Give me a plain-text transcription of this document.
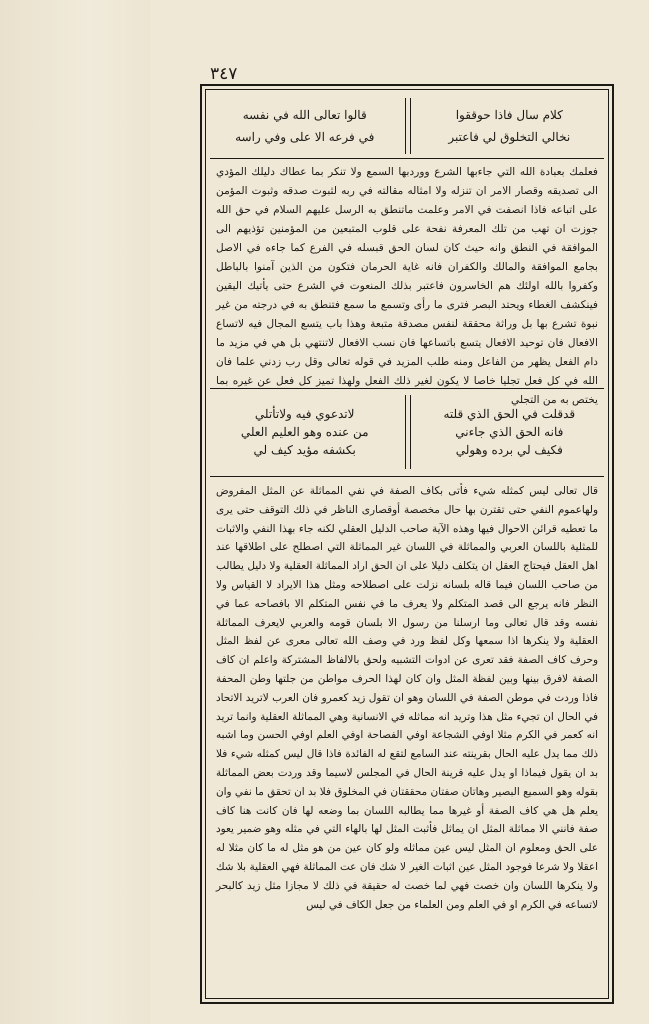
٣٤٧
قالوا تعالى الله في نفسه
في فرعه الا على وفي راسه
كلام سال فاذا حوققوا
نخالي التخلوق لي فاعتبر

فعلمك بعبادة الله التي جاءبها الشرع ووردبها السمع ولا تنكر بما عطاك دليلك المؤدي الى تصديقه وقصار الامر ان تنزله ولا امثاله مقالته في ربه لثبوت صدقه وثبوت المؤمن على اتباعه فاذا انصفت في الامر وعلمت ماتنطق به الرسل عليهم السلام في حق الله جوزت ان تهب من تلك المعرفة نفحة على قلوب المتبعين من المؤمنين تؤذيهم الى الموافقة في النطق وانه حيث كان لسان الحق قبسله في الفرع كما جاءه في الاصل بجامع الموافقة والمالك والكفران فانه غاية الحرمان فتكون من الذين آمنوا بالباطل وكفروا بالله اولئك هم الخاسرون فاعتبر بذلك المنعوت في الشرع حتى يأتيك اليقين فينكشف الغطاء ويحتد البصر فترى ما رأى وتسمع ما سمع فتنطق به في درجته من غير نبوة تشرع بها بل وراثة محققة لنفس مصدقة متبعة وهذا باب يتسع المجال فيه لاتساع الافعال فان توحيد الافعال يتسع باتساعها فان نسب الافعال لاتنتهي بل هي في مزيد ما دام الفعل يظهر من الفاعل ومنه طلب المزيد في قوله تعالى وقل رب زدني علما فان الله في كل فعل تجليا خاصا لا يكون لغير ذلك الفعل ولهذا تميز كل فعل عن غيره بما يختص به من التجلي

لاتدعوي فيه ولاتأتلي
من عنده وهو العليم العلي
بكشفه مؤيد كيف لي
قدقلت في الحق الذي قلته
فانه الحق الذي جاءني
فكيف لي برده وهولي

قال تعالى ليس كمثله شيء فأتى بكاف الصفة في نفي المماثلة عن المثل المفروض ولهاعموم النفي حتى تقترن بها حال مخصصة أوقصارى الناظر في ذلك التوقف حتى يرى ما تعطيه قرائن الاحوال فيها وهذه الآية صاحب الدليل العقلي لكنه جاء بهذا النفي والاثبات للمثلية باللسان العربي والمماثلة في اللسان غير المماثلة التي اصطلح على اطلاقها عند اهل العقل فيحتاج العقل ان يتكلف دليلا على ان الحق اراد المماثلة العقلية ولا دليل يطالب من صاحب اللسان فيما قاله بلسانه نزلت على اصطلاحه ومثل هذا الايراد لا القياس ولا النظر فانه يرجع الى قصد المتكلم ولا يعرف ما في نفس المتكلم الا بافصاحه عما في نفسه وقد قال تعالى وما ارسلنا من رسول الا بلسان قومه والعربي لايعرف المماثلة العقلية ولا ينكرها اذا سمعها وكل لفظ ورد في وصف الله تعالى معرى عن لفظ المثل وحرف كاف الصفة فقد تعرى عن ادوات التشبيه ولحق بالالفاظ المشتركة واعلم ان كاف الصفة لافرق بينها وبين لفظة المثل وان كان لهذا الحرف مواطن من جلتها وطن المحفة فاذا وردت في موطن الصفة في اللسان وهو ان تقول زيد كعمرو فان العرب لاتريد الاتحاد في الحال ان تجيء مثل هذا وتريد انه مماثله في الانسانية وهي المماثلة العقلية وانما تريد انه كعمر في الكرم مثلا اوفي الشجاعة اوفي الفصاحة اوفي العلم اوفي الحسن وما اشبه ذلك مما يدل عليه الحال بقرينته عند السامع لتقع له الفائدة فاذا قال ليس كمثله شيء فلا بد ان يقول فيماذا او يدل عليه قرينة الحال في المجلس لاسيما وقد وردت بعض المماثلة بقوله وهو السميع البصير وهاتان صفتان محققتان في المخلوق فلا بد ان تحقق ما نفي وان يعلم هل هي كاف الصفة أو غيرها مما يطالبه اللسان بما وضعه لها فان كانت هنا كاف صفة فانني الا مماثلة المثل ان يماثل فأثبت المثل لها بالهاء التي في مثله وهو ضمير يعود على الحق ومعلوم ان المثل ليس عين مماثله ولو كان عين من هو مثل له ما كان مثلا له اعقلا ولا شرعا فوجود المثل عين اثبات الغير لا شك فان عت المماثلة فهي العقلية بلا شك ولا ينكرها اللسان وان خصت فهي لما خصت له حقيقة في ذلك لا مجازا مثل زيد كالبحر لاتساعه في الكرم او في العلم ومن العلماء من جعل الكاف في ليس
